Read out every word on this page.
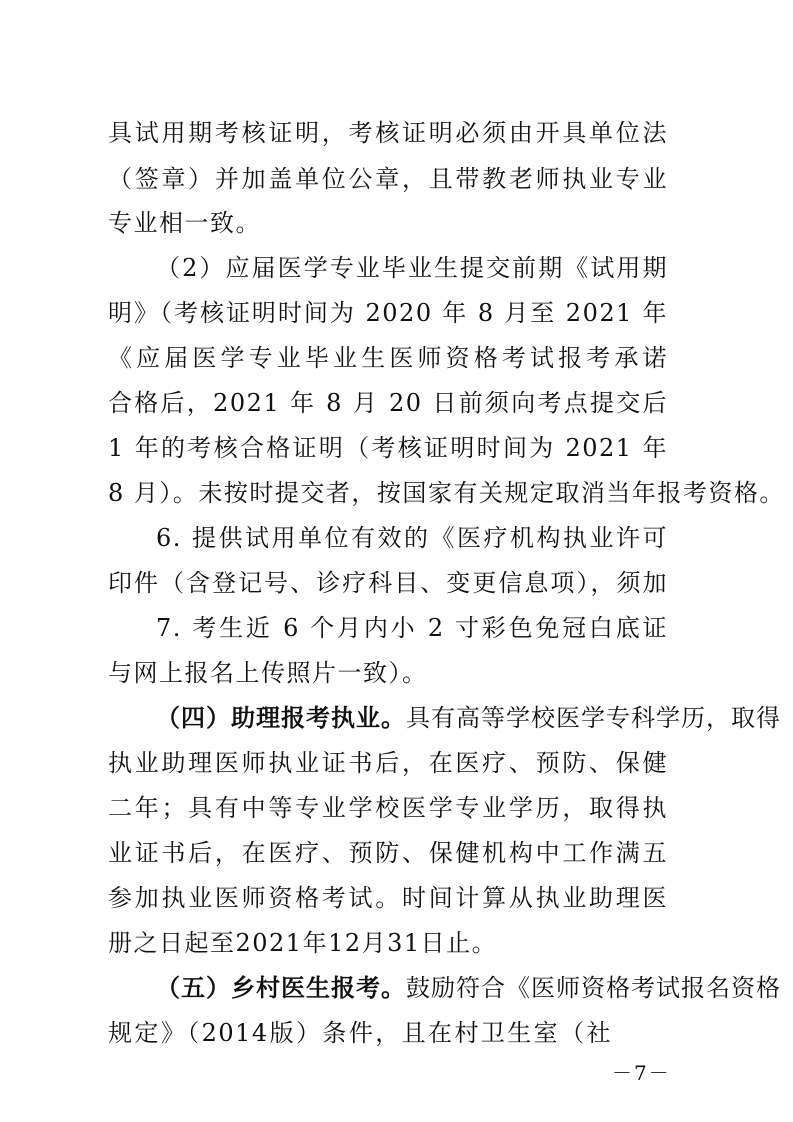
具试用期考核证明，考核证明必须由开具单位法
（签章）并加盖单位公章，且带教老师执业专业
专业相一致。
（2）应届医学专业毕业生提交前期《试用期
明》（考核证明时间为 2020 年 8 月至 2021 年
《应届医学专业毕业生医师资格考试报考承诺
合格后，2021 年 8 月 20 日前须向考点提交后
1 年的考核合格证明（考核证明时间为 2021 年
8 月）。未按时提交者，按国家有关规定取消当年报考资格。
6. 提供试用单位有效的《医疗机构执业许可
印件（含登记号、诊疗科目、变更信息项），须加
7. 考生近 6 个月内小 2 寸彩色免冠白底证
与网上报名上传照片一致）。
（四）助理报考执业。具有高等学校医学专科学历，取得
执业助理医师执业证书后，在医疗、预防、保健
二年；具有中等专业学校医学专业学历，取得执
业证书后，在医疗、预防、保健机构中工作满五
参加执业医师资格考试。时间计算从执业助理医
册之日起至2021年12月31日止。
（五）乡村医生报考。鼓励符合《医师资格考试报名资格
规定》（2014版）条件，且在村卫生室（社
－7－
